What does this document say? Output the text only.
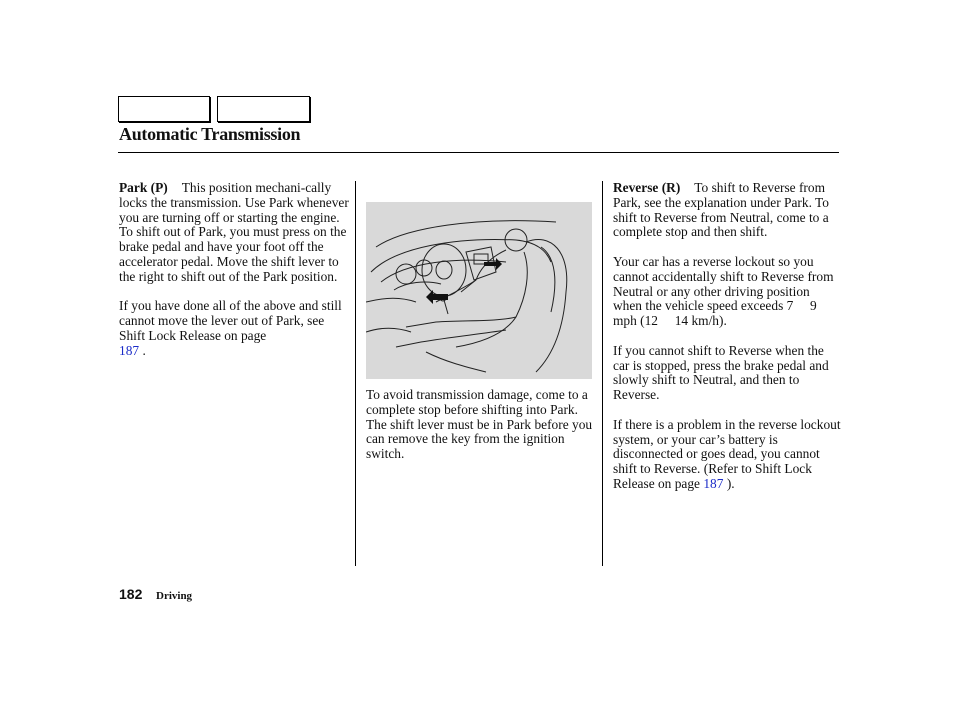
Automatic Transmission

Park (P) This position mechani-cally locks the transmission. Use Park whenever you are turning off or starting the engine. To shift out of Park, you must press on the brake pedal and have your foot off the accelerator pedal. Move the shift lever to the right to shift out of the Park position.

If you have done all of the above and still cannot move the lever out of Park, see Shift Lock Release on page
187 .

To avoid transmission damage, come to a complete stop before shifting into Park. The shift lever must be in Park before you can remove the key from the ignition switch.

Reverse (R) To shift to Reverse from Park, see the explanation under Park. To shift to Reverse from Neutral, come to a complete stop and then shift.

Your car has a reverse lockout so you cannot accidentally shift to Reverse from Neutral or any other driving position when the vehicle speed exceeds 7     9 mph (12     14 km/h).

If you cannot shift to Reverse when the car is stopped, press the brake pedal and slowly shift to Neutral, and then to Reverse.

If there is a problem in the reverse lockout system, or your car’s battery is disconnected or goes dead, you cannot shift to Reverse. (Refer to Shift Lock Release on page 187 ).

182 Driving
